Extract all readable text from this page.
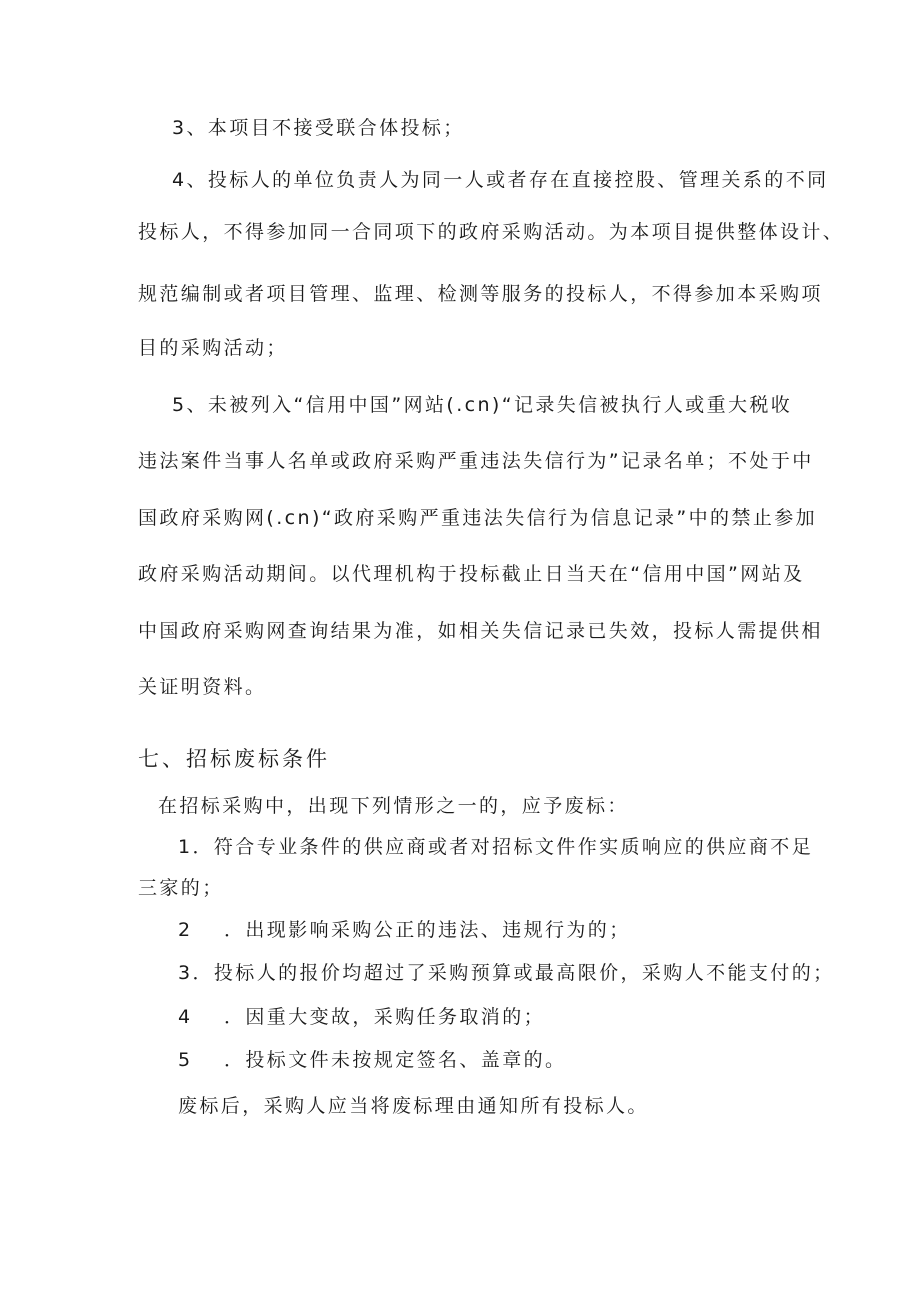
3、本项目不接受联合体投标；
4、投标人的单位负责人为同一人或者存在直接控股、管理关系的不同
投标人，不得参加同一合同项下的政府采购活动。为本项目提供整体设计、
规范编制或者项目管理、监理、检测等服务的投标人，不得参加本采购项
目的采购活动；
5、未被列入“信用中国”网站(.cn)“记录失信被执行人或重大税收
违法案件当事人名单或政府采购严重违法失信行为”记录名单；不处于中
国政府采购网(.cn)“政府采购严重违法失信行为信息记录”中的禁止参加
政府采购活动期间。以代理机构于投标截止日当天在“信用中国”网站及
中国政府采购网查询结果为准，如相关失信记录已失效，投标人需提供相
关证明资料。
七、招标废标条件
在招标采购中，出现下列情形之一的，应予废标：
1．符合专业条件的供应商或者对招标文件作实质响应的供应商不足
三家的；
2 ．出现影响采购公正的违法、违规行为的；
3．投标人的报价均超过了采购预算或最高限价，采购人不能支付的；
4 ．因重大变故，采购任务取消的；
5 ．投标文件未按规定签名、盖章的。
废标后，采购人应当将废标理由通知所有投标人。
